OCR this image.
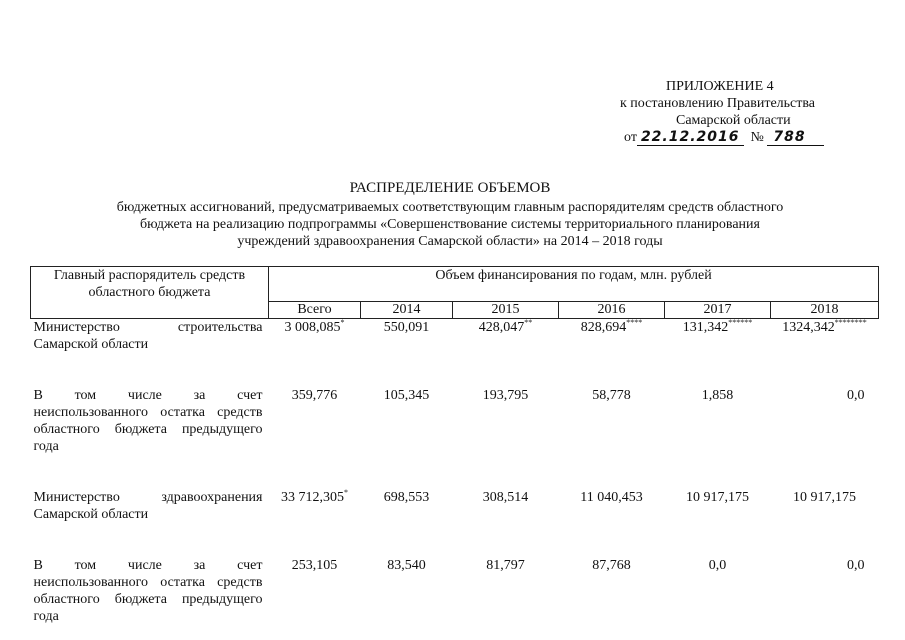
ПРИЛОЖЕНИЕ 4
к постановлению Правительства
Самарской области
от 22.12.2016 № 788
РАСПРЕДЕЛЕНИЕ ОБЪЕМОВ
бюджетных ассигнований, предусматриваемых соответствующим главным распорядителям средств областного
бюджета на реализацию подпрограммы «Совершенствование системы территориального планирования
учреждений здравоохранения Самарской области» на 2014 – 2018 годы
Главный распорядитель средств областного бюджета	Объем финансирования по годам, млн. рублей					
	Всего	2014	2015	2016	2017	2018
Министерство строительства Самарской области	3 008,085*	550,091	428,047**	828,694****	131,342******	1324,342********

В том числе за счет неиспользованного остатка средств областного бюджета предыдущего года	359,776	105,345	193,795	58,778	1,858	0,0

Министерство здравоохранения Самарской области	33 712,305*	698,553	308,514	11 040,453	10 917,175	10 917,175

В том числе за счет неиспользованного остатка средств областного бюджета предыдущего года	253,105	83,540	81,797	87,768	0,0	0,0
